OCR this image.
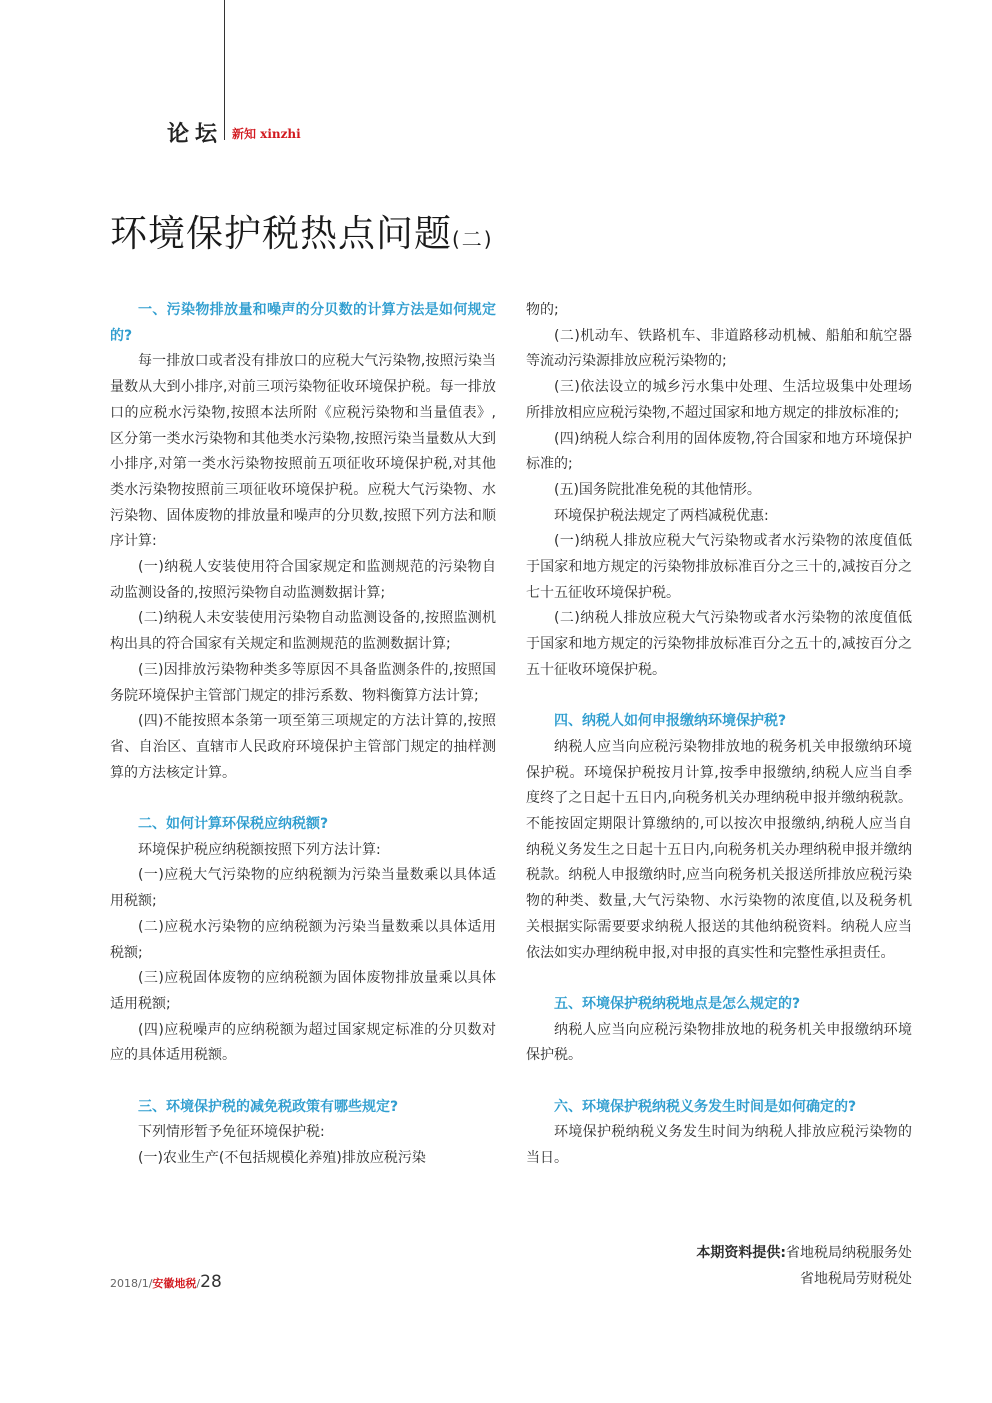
论坛 新知 xinzhi
环境保护税热点问题(二)

一、污染物排放量和噪声的分贝数的计算方法是如何规定的?

每一排放口或者没有排放口的应税大气污染物,按照污染当量数从大到小排序,对前三项污染物征收环境保护税。每一排放口的应税水污染物,按照本法所附《应税污染物和当量值表》,区分第一类水污染物和其他类水污染物,按照污染当量数从大到小排序,对第一类水污染物按照前五项征收环境保护税,对其他类水污染物按照前三项征收环境保护税。应税大气污染物、水污染物、固体废物的排放量和噪声的分贝数,按照下列方法和顺序计算:

(一)纳税人安装使用符合国家规定和监测规范的污染物自动监测设备的,按照污染物自动监测数据计算;

(二)纳税人未安装使用污染物自动监测设备的,按照监测机构出具的符合国家有关规定和监测规范的监测数据计算;

(三)因排放污染物种类多等原因不具备监测条件的,按照国务院环境保护主管部门规定的排污系数、物料衡算方法计算;

(四)不能按照本条第一项至第三项规定的方法计算的,按照省、自治区、直辖市人民政府环境保护主管部门规定的抽样测算的方法核定计算。

二、如何计算环保税应纳税额?

环境保护税应纳税额按照下列方法计算:

(一)应税大气污染物的应纳税额为污染当量数乘以具体适用税额;

(二)应税水污染物的应纳税额为污染当量数乘以具体适用税额;

(三)应税固体废物的应纳税额为固体废物排放量乘以具体适用税额;

(四)应税噪声的应纳税额为超过国家规定标准的分贝数对应的具体适用税额。

三、环境保护税的减免税政策有哪些规定?

下列情形暂予免征环境保护税:

(一)农业生产(不包括规模化养殖)排放应税污染

物的;

(二)机动车、铁路机车、非道路移动机械、船舶和航空器等流动污染源排放应税污染物的;

(三)依法设立的城乡污水集中处理、生活垃圾集中处理场所排放相应应税污染物,不超过国家和地方规定的排放标准的;

(四)纳税人综合利用的固体废物,符合国家和地方环境保护标准的;

(五)国务院批准免税的其他情形。

环境保护税法规定了两档减税优惠:

(一)纳税人排放应税大气污染物或者水污染物的浓度值低于国家和地方规定的污染物排放标准百分之三十的,减按百分之七十五征收环境保护税。

(二)纳税人排放应税大气污染物或者水污染物的浓度值低于国家和地方规定的污染物排放标准百分之五十的,减按百分之五十征收环境保护税。

四、纳税人如何申报缴纳环境保护税?

纳税人应当向应税污染物排放地的税务机关申报缴纳环境保护税。环境保护税按月计算,按季申报缴纳,纳税人应当自季度终了之日起十五日内,向税务机关办理纳税申报并缴纳税款。不能按固定期限计算缴纳的,可以按次申报缴纳,纳税人应当自纳税义务发生之日起十五日内,向税务机关办理纳税申报并缴纳税款。纳税人申报缴纳时,应当向税务机关报送所排放应税污染物的种类、数量,大气污染物、水污染物的浓度值,以及税务机关根据实际需要要求纳税人报送的其他纳税资料。纳税人应当依法如实办理纳税申报,对申报的真实性和完整性承担责任。

五、环境保护税纳税地点是怎么规定的?

纳税人应当向应税污染物排放地的税务机关申报缴纳环境保护税。

六、环境保护税纳税义务发生时间是如何确定的?

环境保护税纳税义务发生时间为纳税人排放应税污染物的当日。

本期资料提供:省地税局纳税服务处
省地税局劳财税处
2018/1/安徽地税/28
